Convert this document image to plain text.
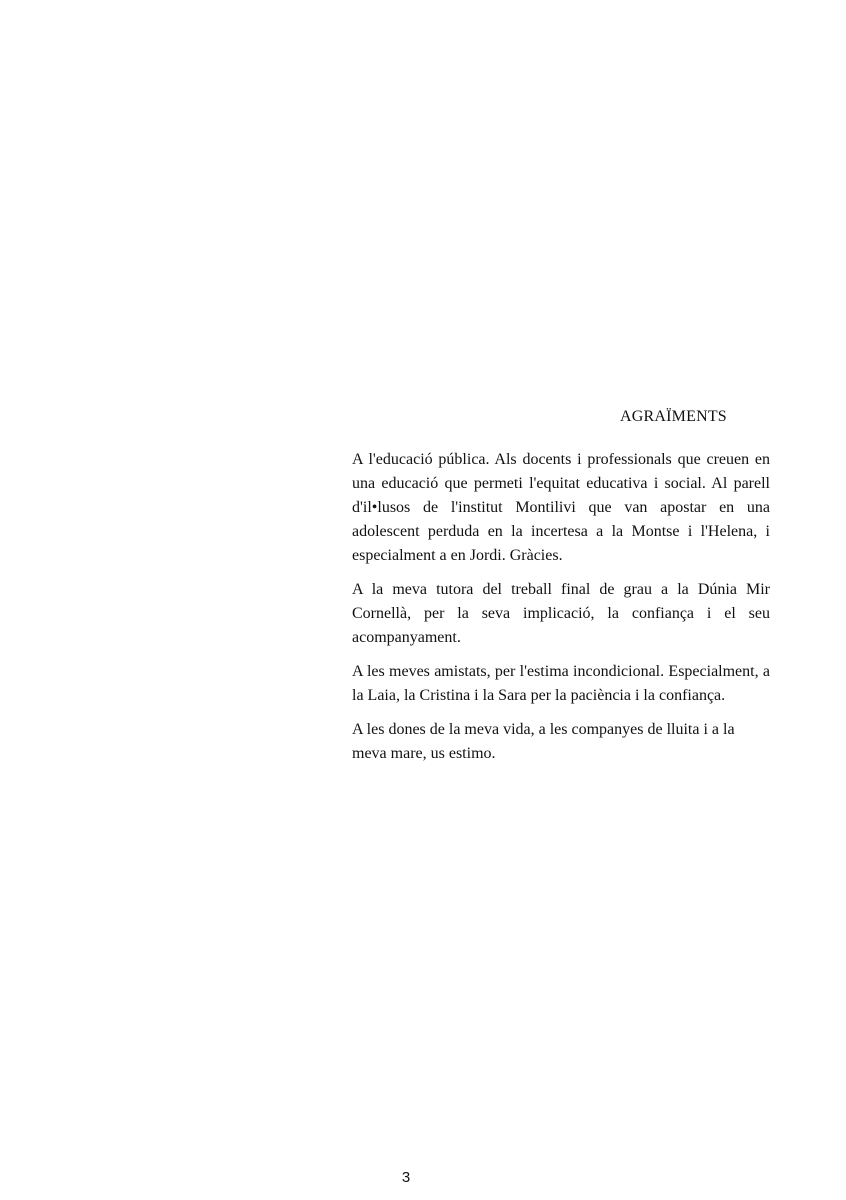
AGRAÏMENTS

A l'educació pública. Als docents i professionals que creuen en una educació que permeti l'equitat educativa i social. Al parell d'il•lusos de l'institut Montilivi que van apostar en una adolescent perduda en la incertesa a la Montse i l'Helena, i especialment a en Jordi. Gràcies.

A la meva tutora del treball final de grau a la Dúnia Mir Cornellà, per la seva implicació, la confiança i el seu acompanyament.

A les meves amistats, per l'estima incondicional. Especialment, a la Laia, la Cristina i la Sara per la paciència i la confiança.

A les dones de la meva vida, a les companyes de lluita i a la meva mare, us estimo.

3
